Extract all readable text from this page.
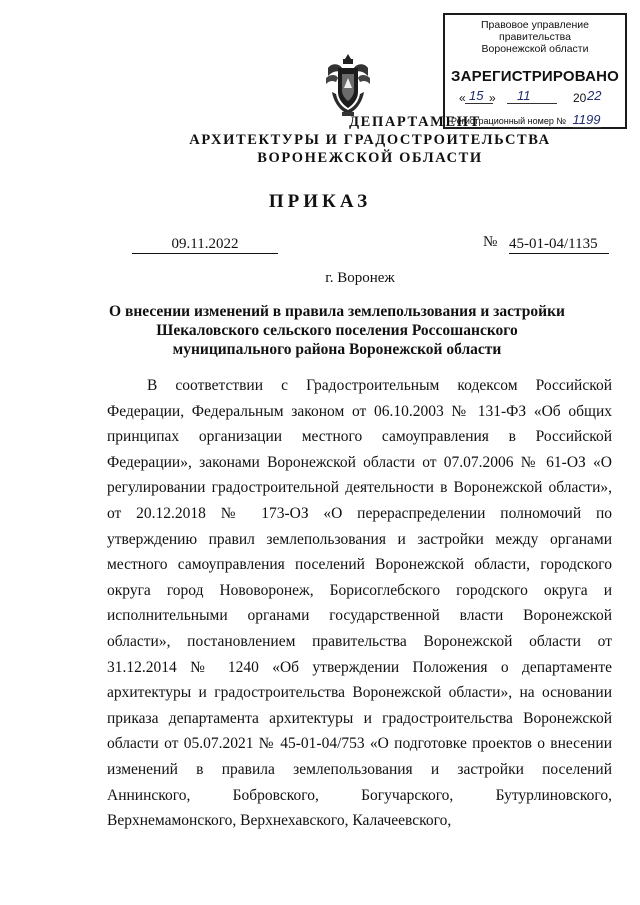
Правовое управление правительства
Воронежской области
ЗАРЕГИСТРИРОВАНО
« 15 » 11	20 22
Регистрационный номер № 1199
ДЕПАРТАМЕНТ
АРХИТЕКТУРЫ И ГРАДОСТРОИТЕЛЬСТВА
ВОРОНЕЖСКОЙ ОБЛАСТИ
ПРИКАЗ
09.11.2022	№ 45-01-04/1135
г. Воронеж
О внесении изменений в правила землепользования и застройки
Шекаловского сельского поселения Россошанского
муниципального района Воронежской области
В соответствии с Градостроительным кодексом Российской Федерации, Федеральным законом от 06.10.2003 № 131-ФЗ «Об общих принципах организации местного самоуправления в Российской Федерации», законами Воронежской области от 07.07.2006 № 61-ОЗ «О регулировании градостроительной деятельности в Воронежской области», от 20.12.2018 № 173-ОЗ «О перераспределении полномочий по утверждению правил землепользования и застройки между органами местного самоуправления поселений Воронежской области, городского округа город Нововоронеж, Борисоглебского городского округа и исполнительными органами государственной власти Воронежской области», постановлением правительства Воронежской области от 31.12.2014 № 1240 «Об утверждении Положения о департаменте архитектуры и градостроительства Воронежской области», на основании приказа департамента архитектуры и градостроительства Воронежской области от 05.07.2021 № 45-01-04/753 «О подготовке проектов о внесении изменений в правила землепользования и застройки поселений Аннинского, Бобровского, Богучарского, Бутурлиновского, Верхнемамонского, Верхнехавского, Калачеевского,
